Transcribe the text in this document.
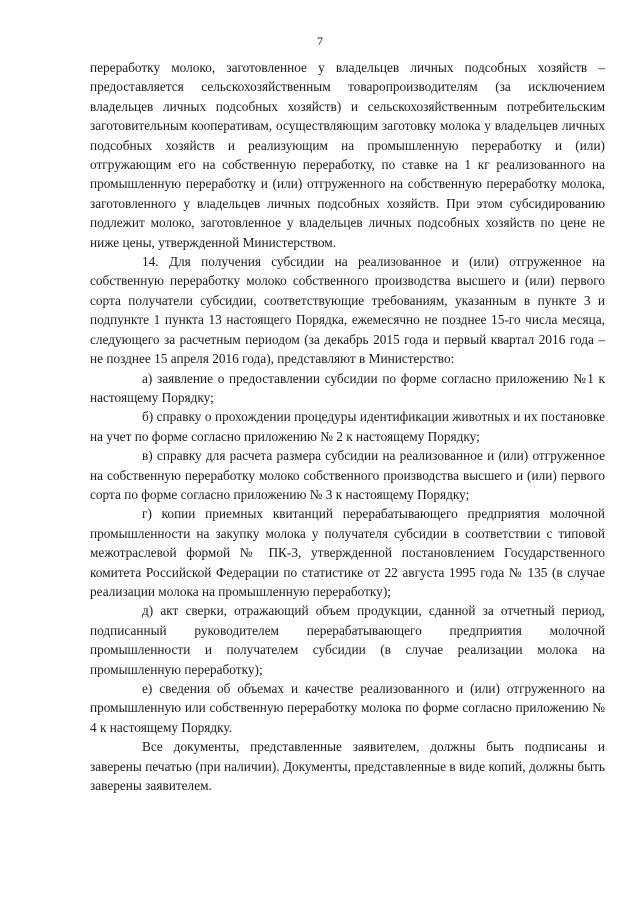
7

переработку молоко, заготовленное у владельцев личных подсобных хозяйств – предоставляется сельскохозяйственным товаропроизводителям (за исключением владельцев личных подсобных хозяйств) и сельскохозяйственным потребительским заготовительным кооперативам, осуществляющим заготовку молока у владельцев личных подсобных хозяйств и реализующим на промышленную переработку и (или) отгружающим его на собственную переработку, по ставке на 1 кг реализованного на промышленную переработку и (или) отгруженного на собственную переработку молока, заготовленного у владельцев личных подсобных хозяйств. При этом субсидированию подлежит молоко, заготовленное у владельцев личных подсобных хозяйств по цене не ниже цены, утвержденной Министерством.

14. Для получения субсидии на реализованное и (или) отгруженное на собственную переработку молоко собственного производства высшего и (или) первого сорта получатели субсидии, соответствующие требованиям, указанным в пункте 3 и подпункте 1 пункта 13 настоящего Порядка, ежемесячно не позднее 15-го числа месяца, следующего за расчетным периодом (за декабрь 2015 года и первый квартал 2016 года – не позднее 15 апреля 2016 года), представляют в Министерство:

а) заявление о предоставлении субсидии по форме согласно приложению №1 к настоящему Порядку;

б) справку о прохождении процедуры идентификации животных и их постановке на учет по форме согласно приложению № 2 к настоящему Порядку;

в) справку для расчета размера субсидии на реализованное и (или) отгруженное на собственную переработку молоко собственного производства высшего и (или) первого сорта по форме согласно приложению № 3 к настоящему Порядку;

г) копии приемных квитанций перерабатывающего предприятия молочной промышленности на закупку молока у получателя субсидии в соответствии с типовой межотраслевой формой № ПК-3, утвержденной постановлением Государственного комитета Российской Федерации по статистике от 22 августа 1995 года № 135 (в случае реализации молока на промышленную переработку);

д) акт сверки, отражающий объем продукции, сданной за отчетный период, подписанный руководителем перерабатывающего предприятия молочной промышленности и получателем субсидии (в случае реализации молока на промышленную переработку);

е) сведения об объемах и качестве реализованного и (или) отгруженного на промышленную или собственную переработку молока по форме согласно приложению № 4 к настоящему Порядку.

Все документы, представленные заявителем, должны быть подписаны и заверены печатью (при наличии). Документы, представленные в виде копий, должны быть заверены заявителем.
